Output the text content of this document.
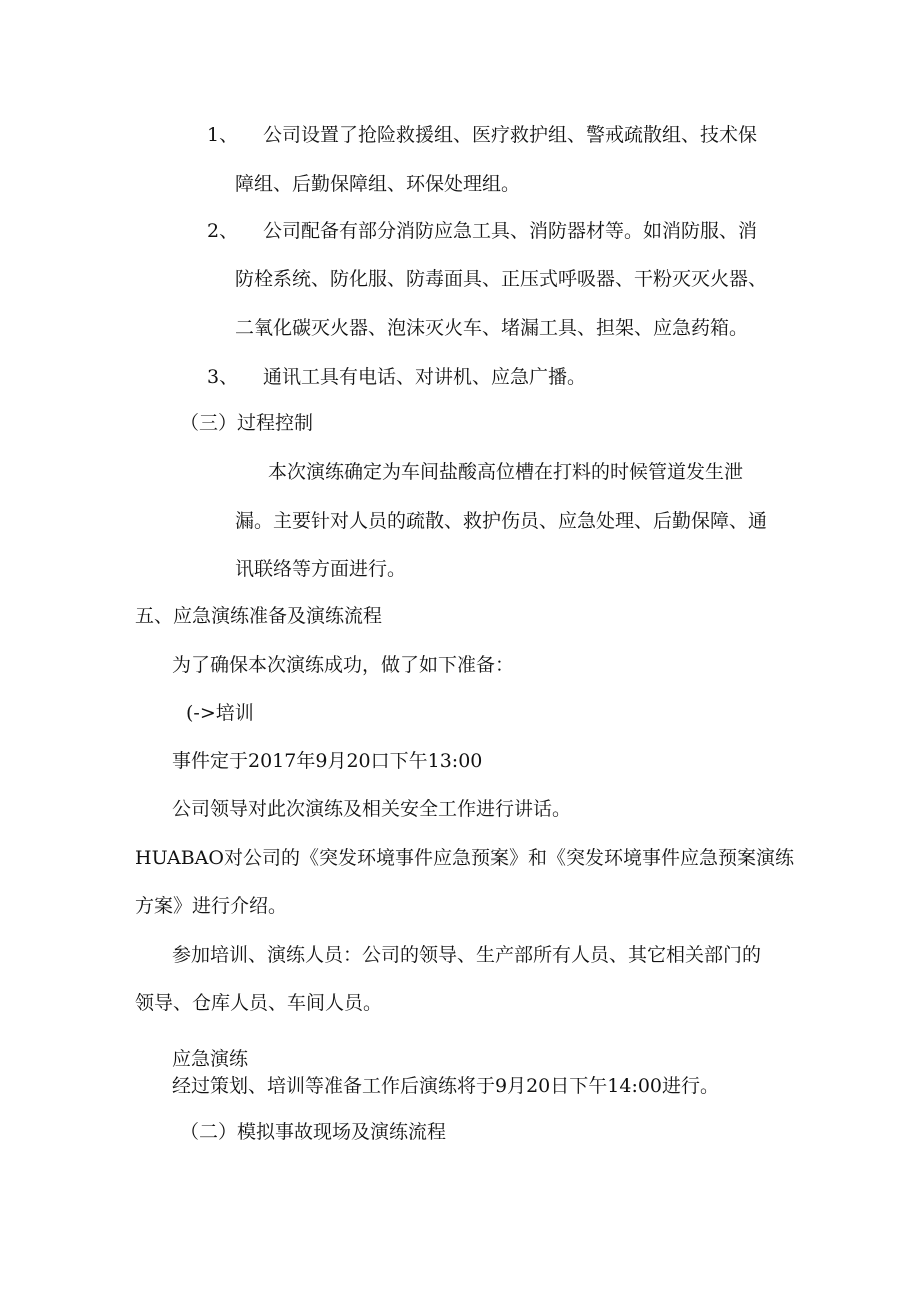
1、 公司设置了抢险救援组、医疗救护组、警戒疏散组、技术保
障组、后勤保障组、环保处理组。
2、 公司配备有部分消防应急工具、消防器材等。如消防服、消
防栓系统、防化服、防毒面具、正压式呼吸器、干粉灭灭火器、
二氧化碳灭火器、泡沫灭火车、堵漏工具、担架、应急药箱。
3、 通讯工具有电话、对讲机、应急广播。
（三）过程控制
本次演练确定为车间盐酸高位槽在打料的时候管道发生泄
漏。主要针对人员的疏散、救护伤员、应急处理、后勤保障、通
讯联络等方面进行。
五、应急演练准备及演练流程
为了确保本次演练成功，做了如下准备：
(->培训
事件定于2017年9月20口下午13:00
公司领导对此次演练及相关安全工作进行讲话。
HUABAO对公司的《突发环境事件应急预案》和《突发环境事件应急预案演练
方案》进行介绍。
参加培训、演练人员：公司的领导、生产部所有人员、其它相关部门的
领导、仓库人员、车间人员。
应急演练
经过策划、培训等准备工作后演练将于9月20日下午14:00进行。
（二）模拟事故现场及演练流程
